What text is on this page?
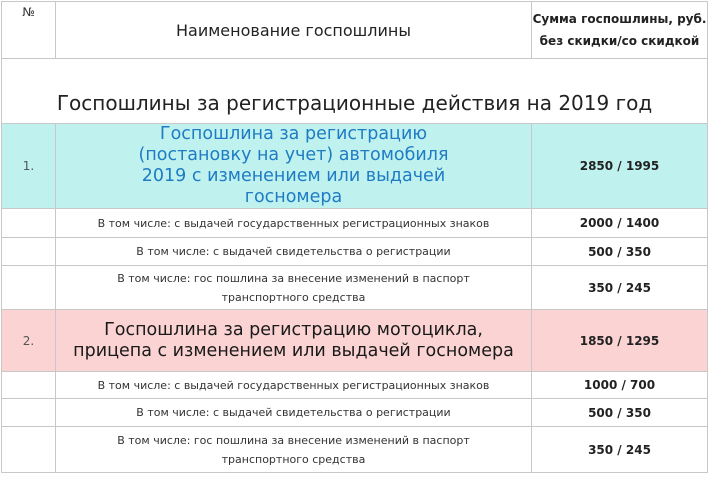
№	Наименование госпошлины	Сумма госпошлины, руб.
без скидки/со скидкой

Госпошлины за регистрационные действия на 2019 год		
1.	Госпошлина за регистрацию (постановку на учет) автомобиля 2019 с изменением или выдачей госномера	2850 / 1995
	В том числе: с выдачей государственных регистрационных знаков	2000 / 1400
	В том числе: с выдачей свидетельства о регистрации	500 / 350
	В том числе: гос пошлина за внесение изменений в паспорт транспортного средства	350 / 245
2.	Госпошлина за регистрацию мотоцикла, прицепа с изменением или выдачей госномера	1850 / 1295
	В том числе: с выдачей государственных регистрационных знаков	1000 / 700
	В том числе: с выдачей свидетельства о регистрации	500 / 350
	В том числе: гос пошлина за внесение изменений в паспорт транспортного средства	350 / 245
